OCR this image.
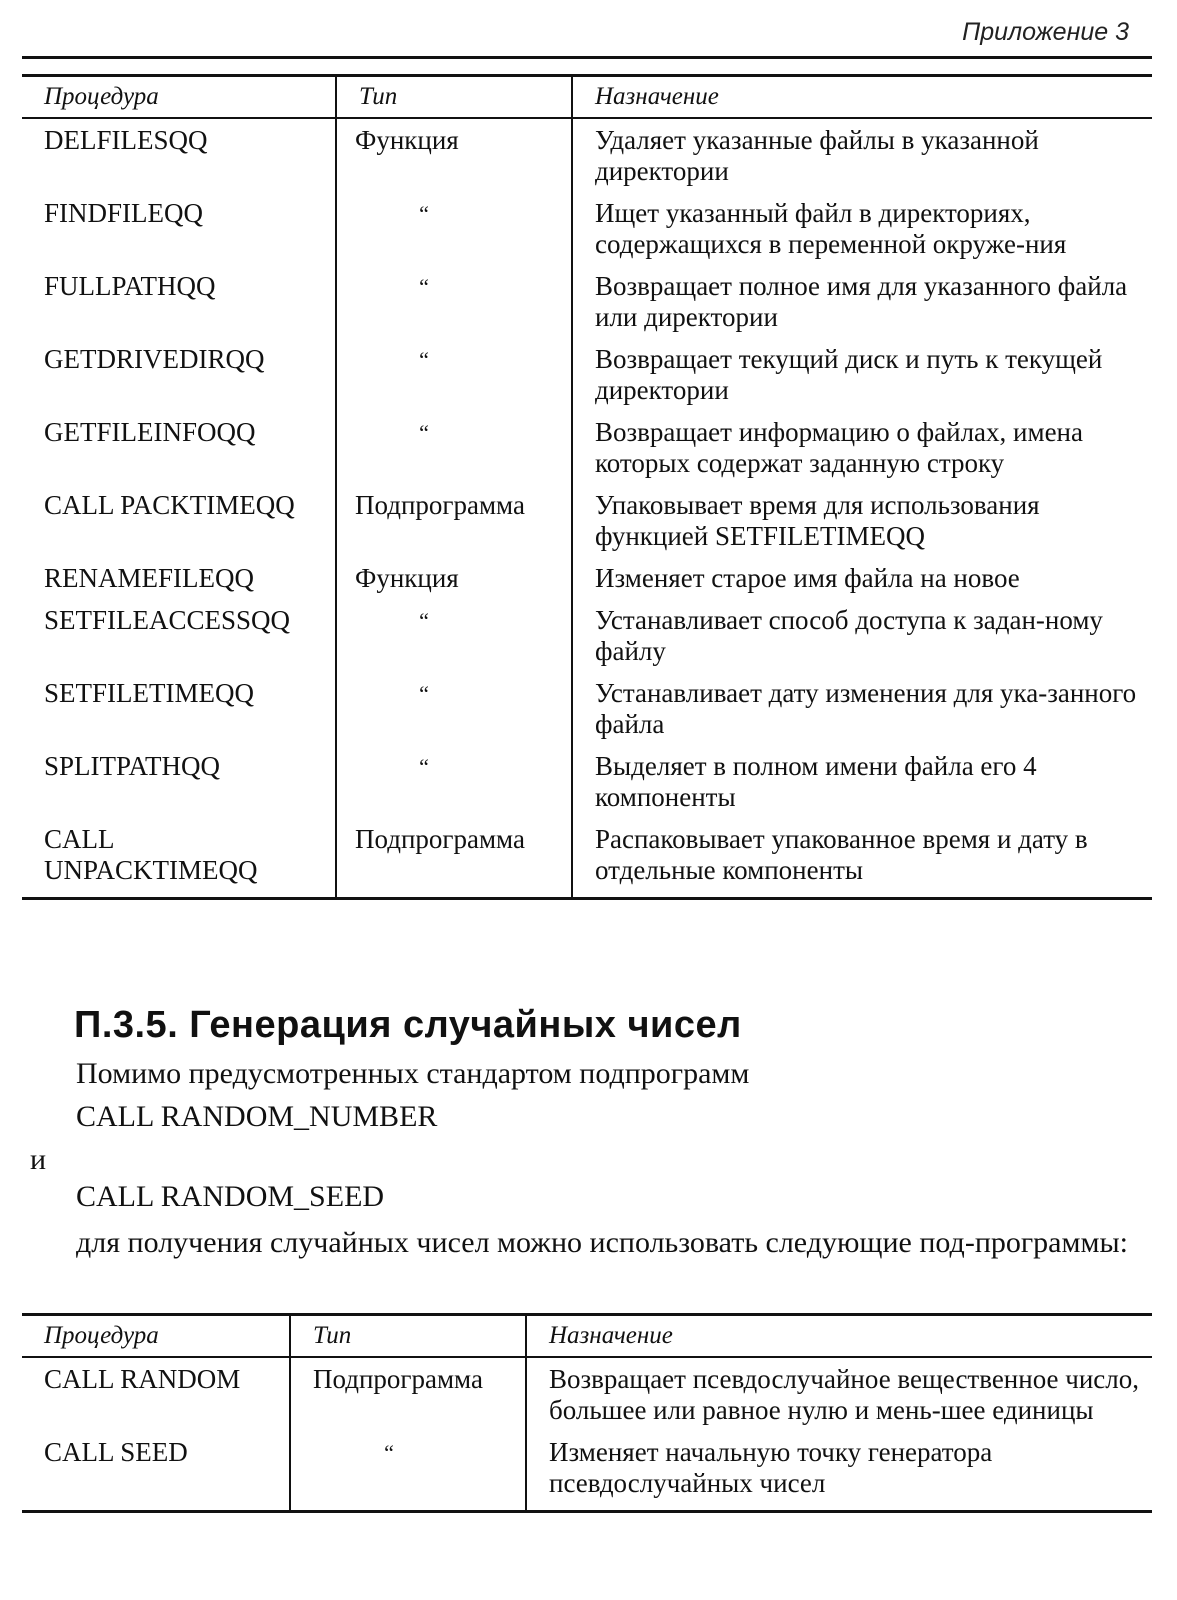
Приложение 3
Процедура	Тип	Назначение
DELFILESQQ	Функция	Удаляет указанные файлы в указанной директории
FINDFILEQQ	“	Ищет указанный файл в директориях, содержащихся в переменной окруже-ния
FULLPATHQQ	“	Возвращает полное имя для указанного файла или директории
GETDRIVEDIRQQ	“	Возвращает текущий диск и путь к текущей директории
GETFILEINFOQQ	“	Возвращает информацию о файлах, имена которых содержат заданную строку
CALL PACKTIMEQQ	Подпрограмма	Упаковывает время для использования функцией SETFILETIMEQQ
RENAMEFILEQQ	Функция	Изменяет старое имя файла на новое
SETFILEACCESSQQ	“	Устанавливает способ доступа к задан-ному файлу
SETFILETIMEQQ	“	Устанавливает дату изменения для ука-занного файла
SPLITPATHQQ	“	Выделяет в полном имени файла его 4 компоненты
CALL UNPACKTIMEQQ	Подпрограмма	Распаковывает упакованное время и дату в отдельные компоненты
П.3.5. Генерация случайных чисел

Помимо предусмотренных стандартом подпрограмм

CALL RANDOM_NUMBER

и

CALL RANDOM_SEED

для получения случайных чисел можно использовать следующие под-программы:

Процедура	Тип	Назначение
CALL RANDOM	Подпрограмма	Возвращает псевдослучайное вещественное число, большее или равное нулю и мень-шее единицы
CALL SEED	“	Изменяет начальную точку генератора псевдослучайных чисел
